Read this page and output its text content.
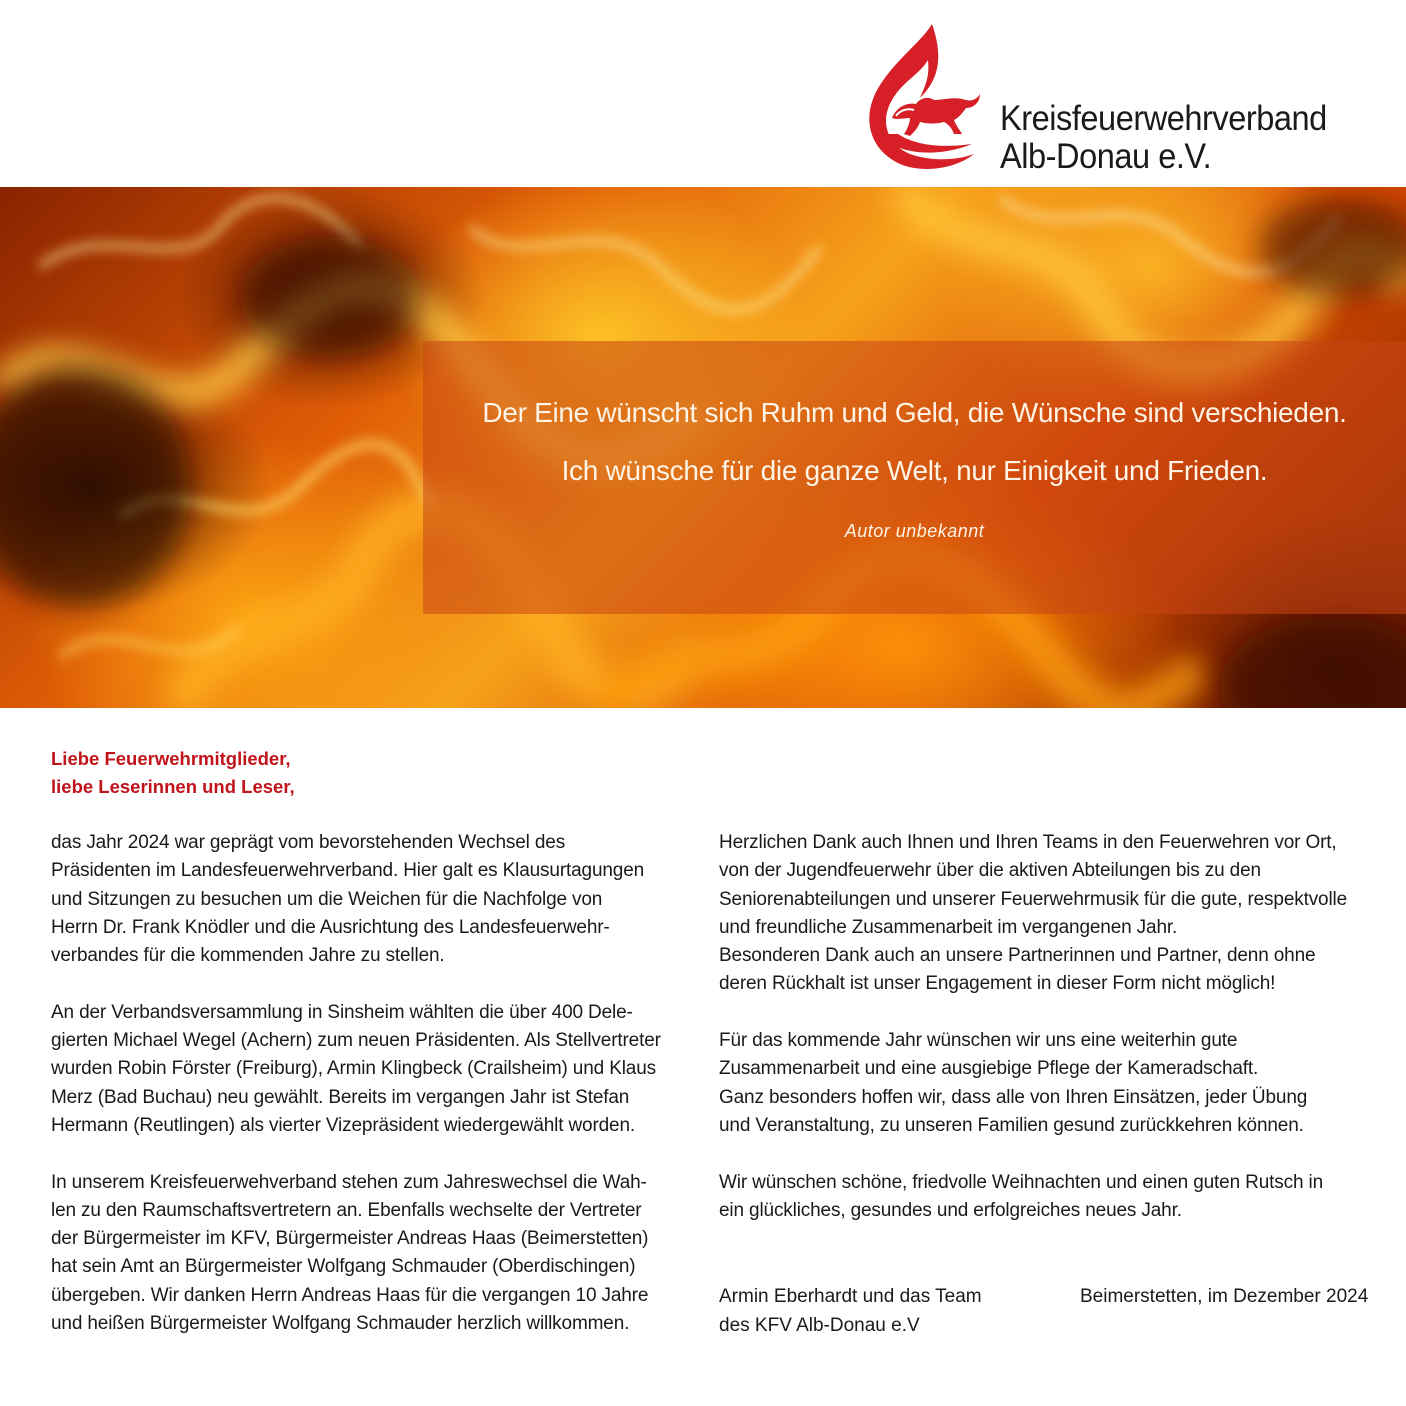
Kreisfeuerwehrverband
Alb-Donau e.V.
Der Eine wünscht sich Ruhm und Geld, die Wünsche sind verschieden.
Ich wünsche für die ganze Welt, nur Einigkeit und Frieden.
Autor unbekannt
Liebe Feuerwehrmitglieder,
liebe Leserinnen und Leser,
das Jahr 2024 war geprägt vom bevorstehenden Wechsel des
Präsidenten im Landesfeuerwehrverband. Hier galt es Klausurtagungen
und Sitzungen zu besuchen um die Weichen für die Nachfolge von
Herrn Dr. Frank Knödler und die Ausrichtung des Landesfeuerwehr-
verbandes für die kommenden Jahre zu stellen.
An der Verbandsversammlung in Sinsheim wählten die über 400 Dele-
gierten Michael Wegel (Achern) zum neuen Präsidenten. Als Stellvertreter
wurden Robin Förster (Freiburg), Armin Klingbeck (Crailsheim) und Klaus
Merz (Bad Buchau) neu gewählt. Bereits im vergangen Jahr ist Stefan
Hermann (Reutlingen) als vierter Vizepräsident wiedergewählt worden.
In unserem Kreisfeuerwehverband stehen zum Jahreswechsel die Wah-
len zu den Raumschaftsvertretern an. Ebenfalls wechselte der Vertreter
der Bürgermeister im KFV, Bürgermeister Andreas Haas (Beimerstetten)
hat sein Amt an Bürgermeister Wolfgang Schmauder (Oberdischingen)
übergeben. Wir danken Herrn Andreas Haas für die vergangen 10 Jahre
und heißen Bürgermeister Wolfgang Schmauder herzlich willkommen.
Herzlichen Dank auch Ihnen und Ihren Teams in den Feuerwehren vor Ort,
von der Jugendfeuerwehr über die aktiven Abteilungen bis zu den
Seniorenabteilungen und unserer Feuerwehrmusik für die gute, respektvolle
und freundliche Zusammenarbeit im vergangenen Jahr.
Besonderen Dank auch an unsere Partnerinnen und Partner, denn ohne
deren Rückhalt ist unser Engagement in dieser Form nicht möglich!
Für das kommende Jahr wünschen wir uns eine weiterhin gute
Zusammenarbeit und eine ausgiebige Pflege der Kameradschaft.
Ganz besonders hoffen wir, dass alle von Ihren Einsätzen, jeder Übung
und Veranstaltung, zu unseren Familien gesund zurückkehren können.
Wir wünschen schöne, friedvolle Weihnachten und einen guten Rutsch in
ein glückliches, gesundes und erfolgreiches neues Jahr.
Armin Eberhardt und das Team
des KFV Alb-Donau e.V
Beimerstetten, im Dezember 2024
